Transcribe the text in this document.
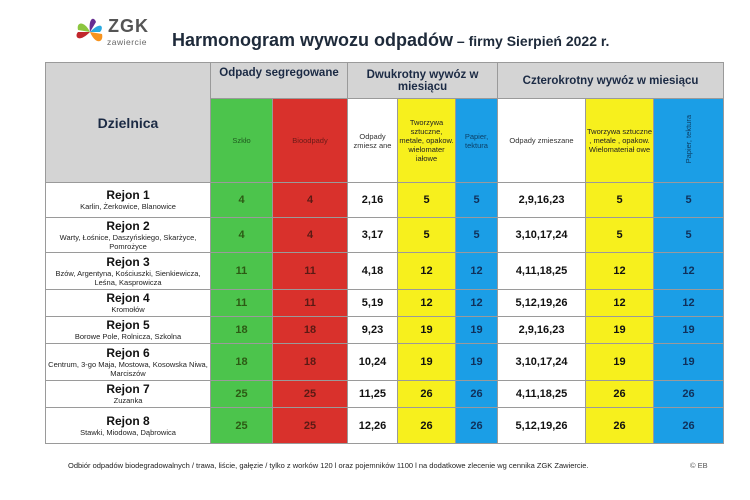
ZGK
zawiercie Harmonogram wywozu odpadów – firmy Sierpień 2022 r.
Dzielnica	Odpady segregowane		Dwukrotny wywóz w miesiącu			Czterokrotny wywóz w miesiącu		
	Szkło	Bioodpady	Odpady zmiesz ane	Tworzywa sztuczne, metale, opakow. wielomater iałowe	Papier, tektura	Odpady zmieszane	Tworzywa sztuczne , metale , opakow. Wielomateriał owe	Papier, tektura

Rejon 1
Karlin, Żerkowice, Blanowice	4	4	2,16	5	5	2,9,16,23	5	5

Rejon 2
Warty, Łośnice, Daszyńskiego, Skarżyce, Pomrożyce	4	4	3,17	5	5	3,10,17,24	5	5

Rejon 3
Bzów, Argentyna, Kościuszki, Sienkiewicza, Leśna, Kasprowicza	11	11	4,18	12	12	4,11,18,25	12	12

Rejon 4
Kromołów	11	11	5,19	12	12	5,12,19,26	12	12

Rejon 5
Borowe Pole, Rolnicza, Szkolna	18	18	9,23	19	19	2,9,16,23	19	19

Rejon 6
Centrum, 3-go Maja, Mostowa, Kosowska Niwa, Marciszów	18	18	10,24	19	19	3,10,17,24	19	19

Rejon 7
Zuzanka	25	25	11,25	26	26	4,11,18,25	26	26

Rejon 8
Stawki, Miodowa, Dąbrowica	25	25	12,26	26	26	5,12,19,26	26	26
Odbiór odpadów biodegradowalnych / trawa, liście, gałęzie / tylko z worków 120 l oraz pojemników 1100 l na dodatkowe zlecenie wg cennika ZGK Zawiercie.	© EB
